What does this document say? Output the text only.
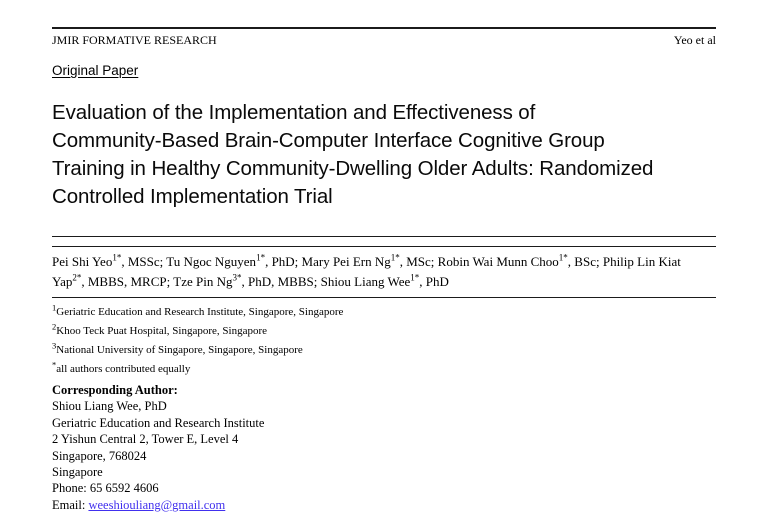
JMIR FORMATIVE RESEARCH	Yeo et al
Original Paper
Evaluation of the Implementation and Effectiveness of
Community-Based Brain-Computer Interface Cognitive Group
Training in Healthy Community-Dwelling Older Adults: Randomized
Controlled Implementation Trial

Pei Shi Yeo$^{1*}$, MSSc; Tu Ngoc Nguyen$^{1*}$, PhD; Mary Pei Ern $Ng^{1*}$, MSc; Robin Wai Munn Choo$^{1*}$, BSc; Philip Lin Kiat Yap$^{2*}$, MBBS, MRCP; Tze Pin $Ng^{3*}$, PhD, MBBS; Shiou Liang Wee$^{1*}$, PhD

$^1$Geriatric Education and Research Institute, Singapore, Singapore
$^2$Khoo Teck Puat Hospital, Singapore, Singapore
$^3$National University of Singapore, Singapore, Singapore
*all authors contributed equally
Corresponding Author:
Shiou Liang Wee, PhD
Geriatric Education and Research Institute
2 Yishun Central 2, Tower E, Level 4
Singapore, 768024
Singapore
Phone: 65 6592 4606
Email: weeshiouliang@gmail.com
